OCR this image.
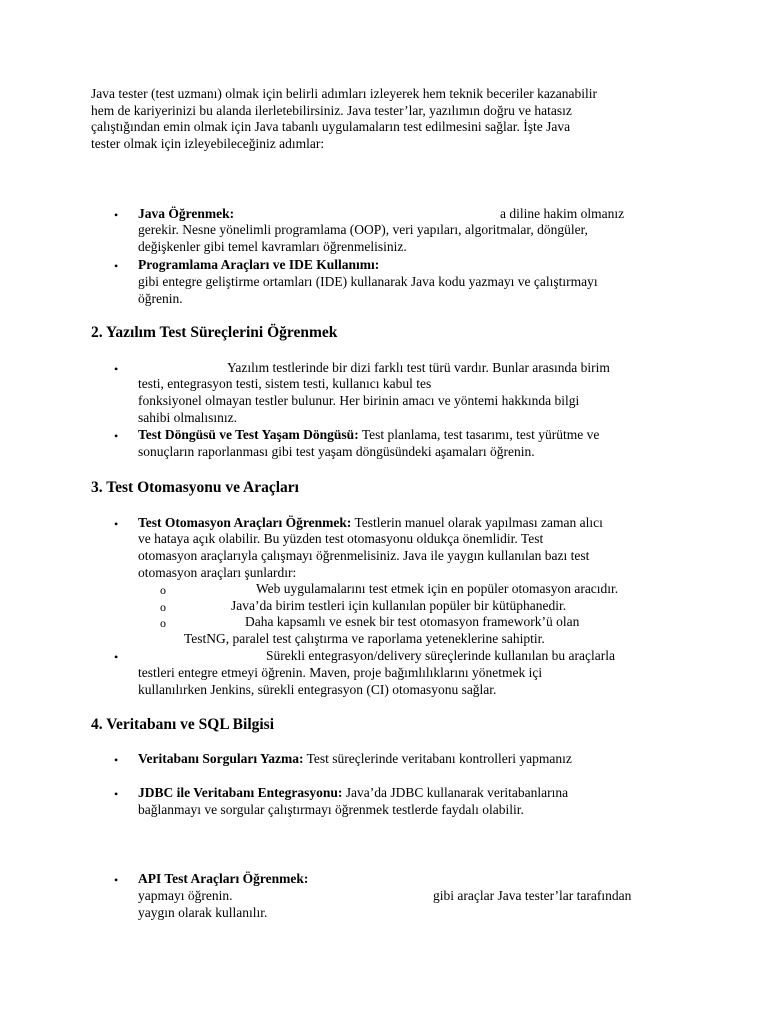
Java tester (test uzmanı) olmak için belirli adımları izleyerek hem teknik beceriler kazanabilir
hem de kariyerinizi bu alanda ilerletebilirsiniz. Java tester’lar, yazılımın doğru ve hatasız
çalıştığından emin olmak için Java tabanlı uygulamaların test edilmesini sağlar. İşte Java
tester olmak için izleyebileceğiniz adımlar:
• Java Öğrenmek:	a diline hakim olmanız
gerekir. Nesne yönelimli programlama (OOP), veri yapıları, algoritmalar, döngüler,
değişkenler gibi temel kavramları öğrenmelisiniz.
• Programlama Araçları ve IDE Kullanımı:
gibi entegre geliştirme ortamları (IDE) kullanarak Java kodu yazmayı ve çalıştırmayı
öğrenin.
2. Yazılım Test Süreçlerini Öğrenmek
•	Yazılım testlerinde bir dizi farklı test türü vardır. Bunlar arasında birim
testi, entegrasyon testi, sistem testi, kullanıcı kabul tes
fonksiyonel olmayan testler bulunur. Her birinin amacı ve yöntemi hakkında bilgi
sahibi olmalısınız.
• Test Döngüsü ve Test Yaşam Döngüsü: Test planlama, test tasarımı, test yürütme ve
sonuçların raporlanması gibi test yaşam döngüsündeki aşamaları öğrenin.
3. Test Otomasyonu ve Araçları
• Test Otomasyon Araçları Öğrenmek: Testlerin manuel olarak yapılması zaman alıcı
ve hataya açık olabilir. Bu yüzden test otomasyonu oldukça önemlidir. Test
otomasyon araçlarıyla çalışmayı öğrenmelisiniz. Java ile yaygın kullanılan bazı test
otomasyon araçları şunlardır:
o	Web uygulamalarını test etmek için en popüler otomasyon aracıdır.
o	Java’da birim testleri için kullanılan popüler bir kütüphanedir.
o	Daha kapsamlı ve esnek bir test otomasyon framework’ü olan
TestNG, paralel test çalıştırma ve raporlama yeteneklerine sahiptir.
•	Sürekli entegrasyon/delivery süreçlerinde kullanılan bu araçlarla
testleri entegre etmeyi öğrenin. Maven, proje bağımlılıklarını yönetmek içi
kullanılırken Jenkins, sürekli entegrasyon (CI) otomasyonu sağlar.
4. Veritabanı ve SQL Bilgisi
• Veritabanı Sorguları Yazma: Test süreçlerinde veritabanı kontrolleri yapmanız
• JDBC ile Veritabanı Entegrasyonu: Java’da JDBC kullanarak veritabanlarına
bağlanmayı ve sorgular çalıştırmayı öğrenmek testlerde faydalı olabilir.
• API Test Araçları Öğrenmek:
yapmayı öğrenin.	gibi araçlar Java tester’lar tarafından
yaygın olarak kullanılır.
